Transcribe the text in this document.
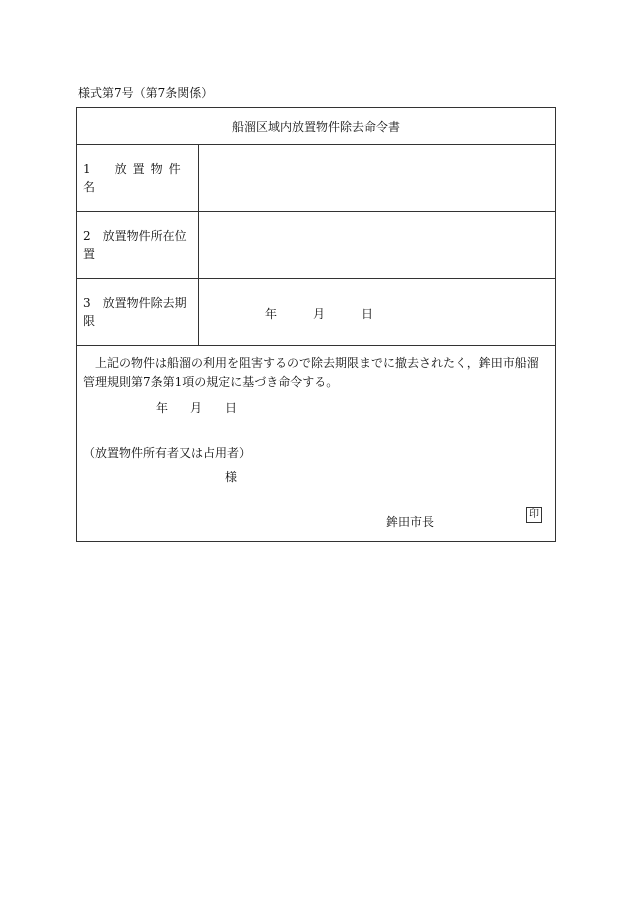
様式第7号（第7条関係）
船溜区域内放置物件除去命令書
1　放置物件名
2　放置物件所在位置
3　放置物件除去期限	年	月	日
上記の物件は船溜の利用を阻害するので除去期限までに撤去されたく，鉾田市船溜管理規則第7条第1項の規定に基づき命令する。
年 月 日
（放置物件所有者又は占用者）
様
鉾田市長
印
